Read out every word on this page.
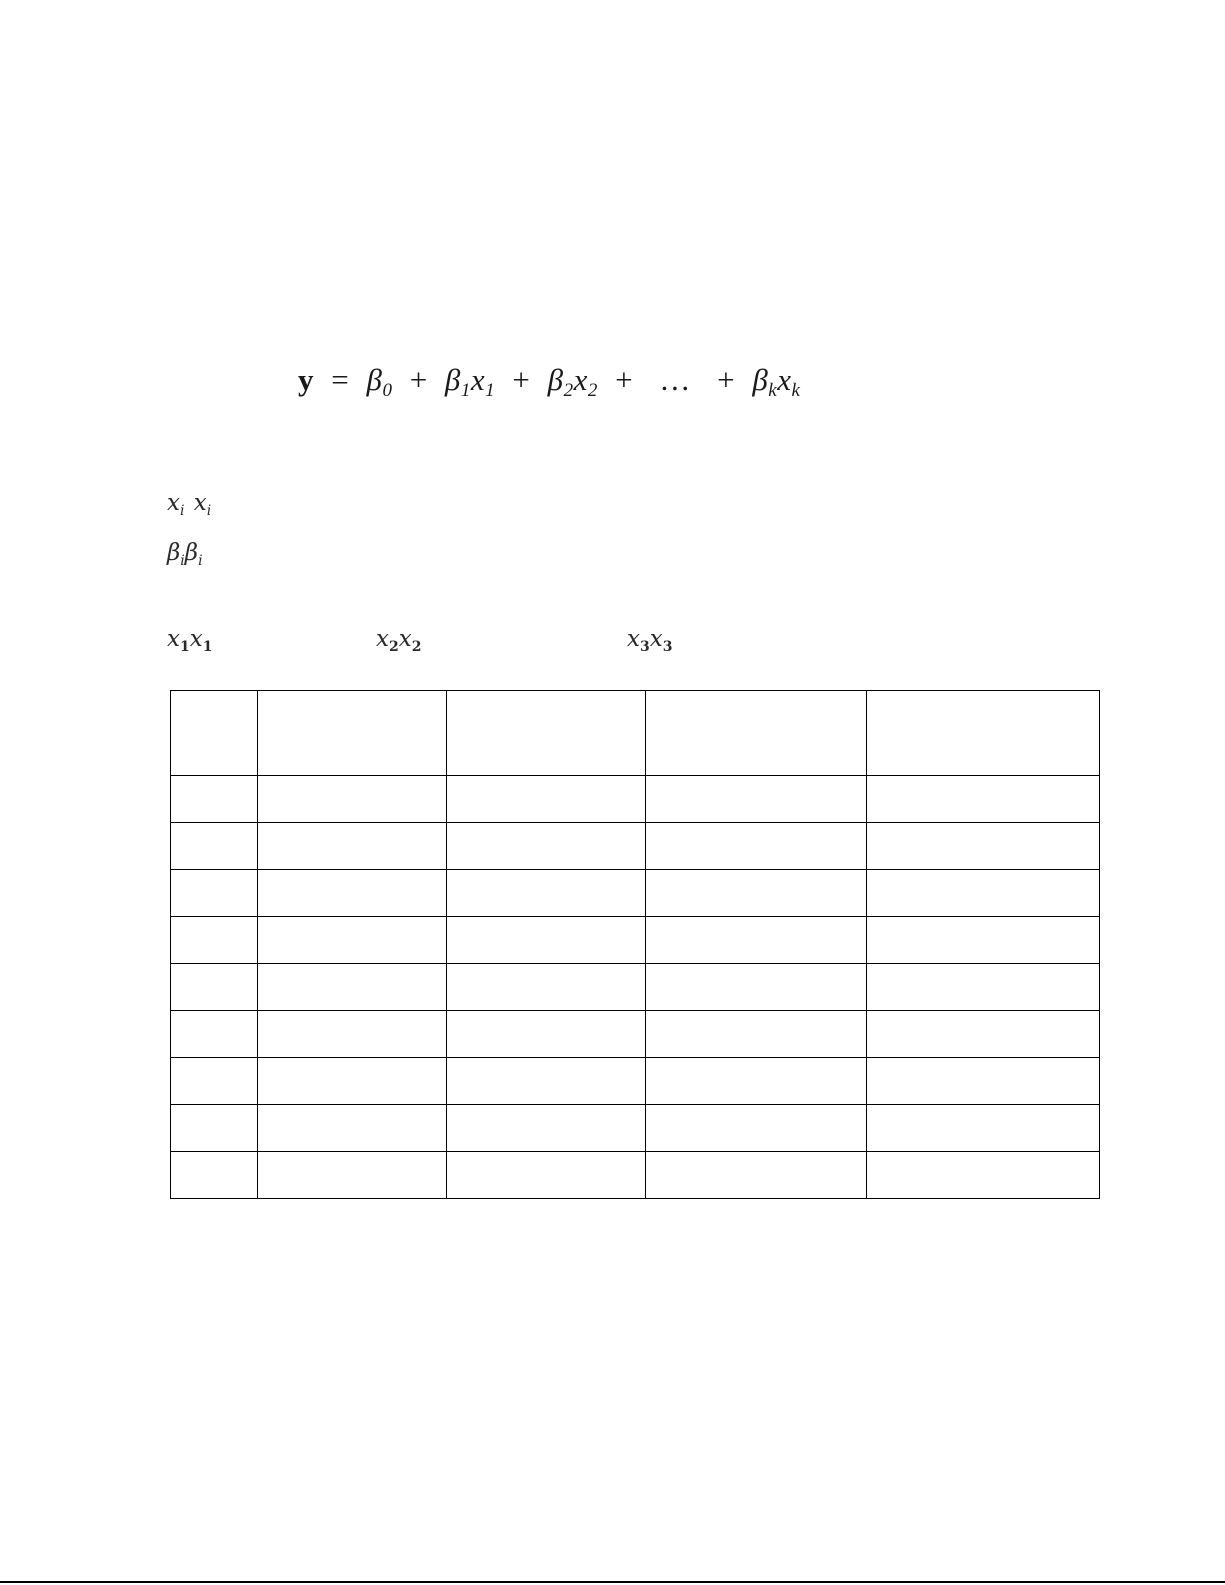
$y = \beta_0 + \beta_1x_1 + \beta_2x_2$ + … + $\beta_kx_k$
$x_i$ $x_i$
$\beta_i\beta_i$
$x_1x_1$	$x_2x_2$	$x_3x_3$
